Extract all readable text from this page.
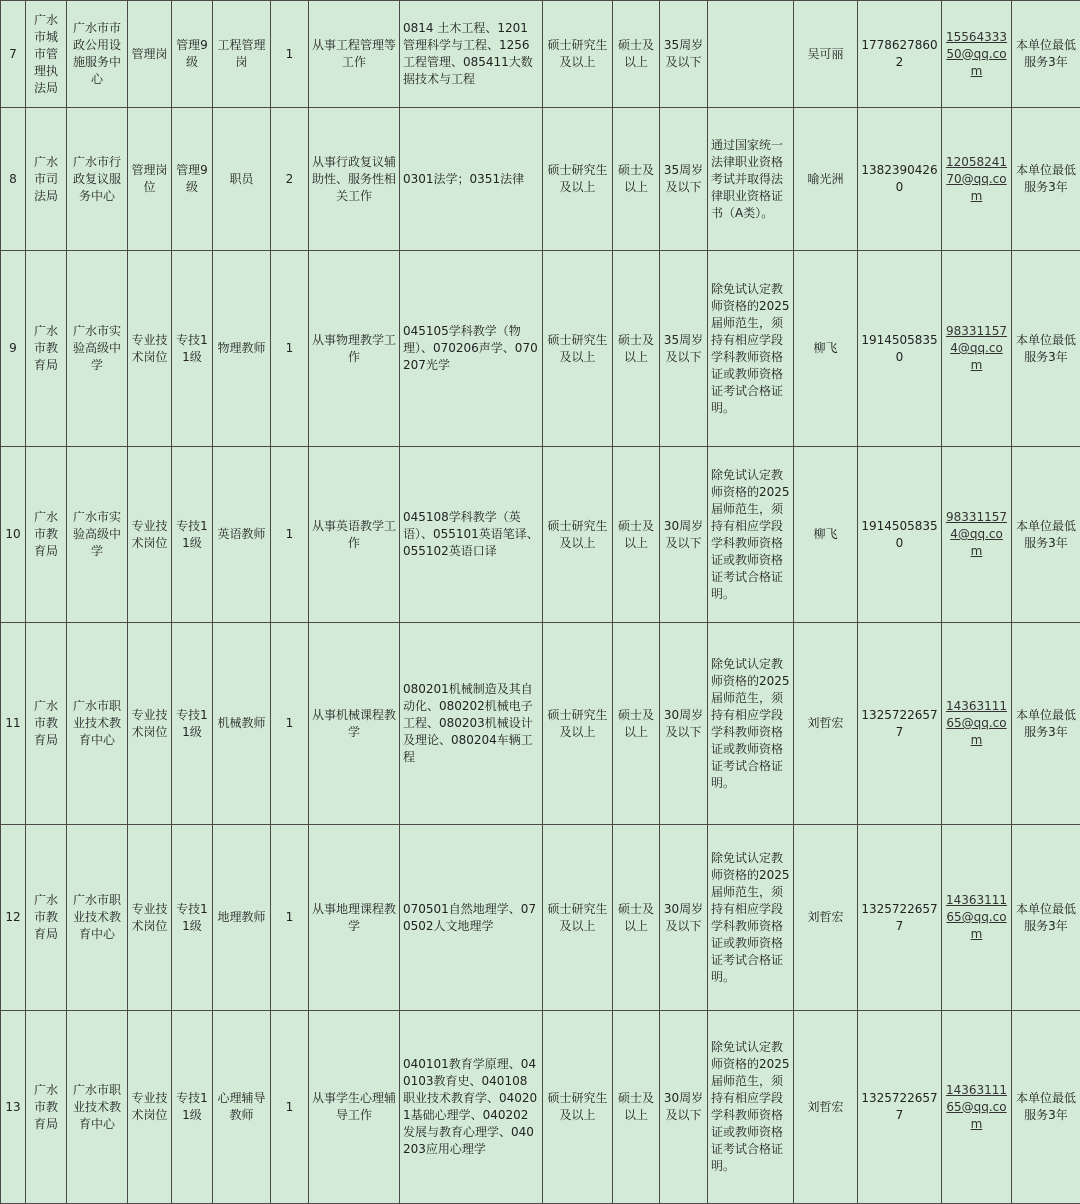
7	广水市城市管理执法局	广水市市政公用设施服务中心	管理岗	管理9级	工程管理岗	1	从事工程管理等工作	0814 土木工程、1201管理科学与工程、1256工程管理、085411大数据技术与工程	硕士研究生及以上	硕士及以上	35周岁及以下		吴可丽	17786278602	1556433350@qq.com	本单位最低服务3年
8	广水市司法局	广水市行政复议服务中心	管理岗位	管理9级	职员	2	从事行政复议辅助性、服务性相关工作	0301法学；0351法律	硕士研究生及以上	硕士及以上	35周岁及以下	通过国家统一法律职业资格考试并取得法律职业资格证书（A类）。	喻光洲	13823904260	1205824170@qq.com	本单位最低服务3年
9	广水市教育局	广水市实验高级中学	专业技术岗位	专技11级	物理教师	1	从事物理教学工作	045105学科教学（物理）、070206声学、070207光学	硕士研究生及以上	硕士及以上	35周岁及以下	除免试认定教师资格的2025届师范生，须持有相应学段学科教师资格证或教师资格证考试合格证明。	柳飞	19145058350	983311574@qq.com	本单位最低服务3年
10	广水市教育局	广水市实验高级中学	专业技术岗位	专技11级	英语教师	1	从事英语教学工作	045108学科教学（英语）、055101英语笔译、055102英语口译	硕士研究生及以上	硕士及以上	30周岁及以下	除免试认定教师资格的2025届师范生，须持有相应学段学科教师资格证或教师资格证考试合格证明。	柳飞	19145058350	983311574@qq.com	本单位最低服务3年
11	广水市教育局	广水市职业技术教育中心	专业技术岗位	专技11级	机械教师	1	从事机械课程教学	080201机械制造及其自动化、080202机械电子工程、080203机械设计及理论、080204车辆工程	硕士研究生及以上	硕士及以上	30周岁及以下	除免试认定教师资格的2025届师范生，须持有相应学段学科教师资格证或教师资格证考试合格证明。	刘哲宏	13257226577	1436311165@qq.com	本单位最低服务3年
12	广水市教育局	广水市职业技术教育中心	专业技术岗位	专技11级	地理教师	1	从事地理课程教学	070501自然地理学、070502人文地理学	硕士研究生及以上	硕士及以上	30周岁及以下	除免试认定教师资格的2025届师范生，须持有相应学段学科教师资格证或教师资格证考试合格证明。	刘哲宏	13257226577	1436311165@qq.com	本单位最低服务3年
13	广水市教育局	广水市职业技术教育中心	专业技术岗位	专技11级	心理辅导教师	1	从事学生心理辅导工作	040101教育学原理、040103教育史、040108职业技术教育学、040201基础心理学、040202发展与教育心理学、040203应用心理学	硕士研究生及以上	硕士及以上	30周岁及以下	除免试认定教师资格的2025届师范生，须持有相应学段学科教师资格证或教师资格证考试合格证明。	刘哲宏	13257226577	1436311165@qq.com	本单位最低服务3年
